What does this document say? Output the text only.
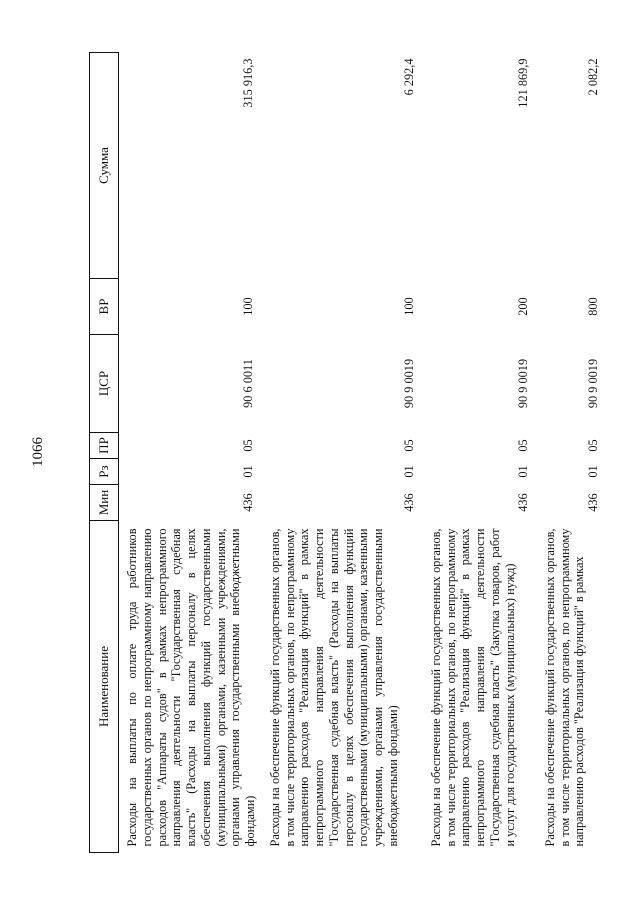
1066
Наименование	Мин	Рз	ПР	ЦСР	ВР	Сумма
Расходы на выплаты по оплате труда работников государственных органов по непрограммному направлению расходов "Аппараты судов" в рамках непрограммного направления деятельности "Государственная судебная власть" (Расходы на выплаты персоналу в целях обеспечения выполнения функций государственными (муниципальными) органами, казенными учреждениями, органами управления государственными внебюджетными фондами)	436	01	05	90 6 0011	100	315 916,3
Расходы на обеспечение функций государственных органов, в том числе территориальных органов, по непрограммному направлению расходов "Реализация функций" в рамках непрограммного направления деятельности "Государственная судебная власть" (Расходы на выплаты персоналу в целях обеспечения выполнения функций государственными (муниципальными) органами, казенными учреждениями, органами управления государственными внебюджетными фондами)	436	01	05	90 9 0019	100	6 292,4
Расходы на обеспечение функций государственных органов, в том числе территориальных органов, по непрограммному направлению расходов "Реализация функций" в рамках непрограммного направления деятельности "Государственная судебная власть" (Закупка товаров, работ и услуг для государственных (муниципальных) нужд)	436	01	05	90 9 0019	200	121 869,9
Расходы на обеспечение функций государственных органов, в том числе территориальных органов, по непрограммному направлению расходов "Реализация функций" в рамках	436	01	05	90 9 0019	800	2 082,2
